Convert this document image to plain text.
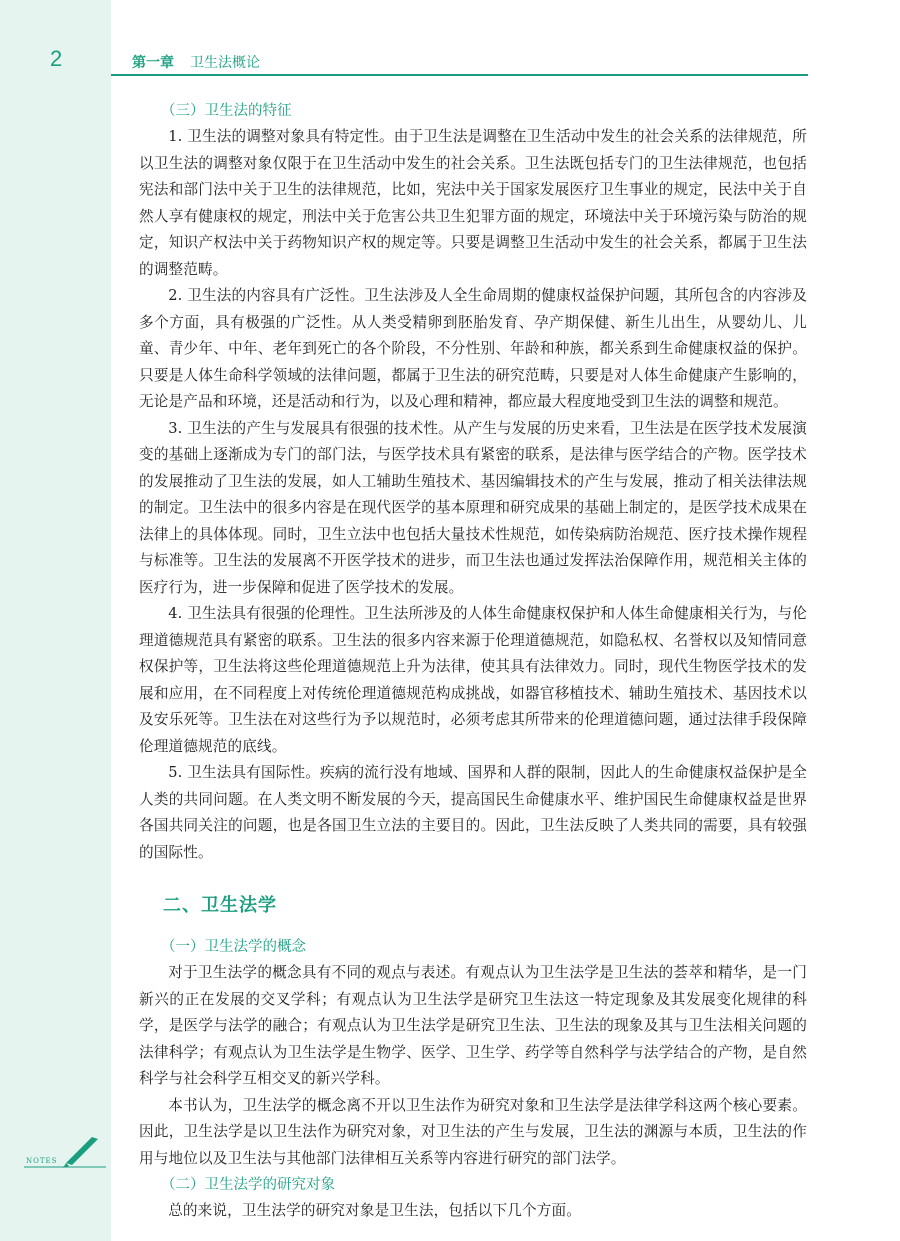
2	第一章 卫生法概论
（三）卫生法的特征

1. 卫生法的调整对象具有特定性。由于卫生法是调整在卫生活动中发生的社会关系的法律规范，所以卫生法的调整对象仅限于在卫生活动中发生的社会关系。卫生法既包括专门的卫生法律规范，也包括宪法和部门法中关于卫生的法律规范，比如，宪法中关于国家发展医疗卫生事业的规定，民法中关于自然人享有健康权的规定，刑法中关于危害公共卫生犯罪方面的规定，环境法中关于环境污染与防治的规定，知识产权法中关于药物知识产权的规定等。只要是调整卫生活动中发生的社会关系，都属于卫生法的调整范畴。

2. 卫生法的内容具有广泛性。卫生法涉及人全生命周期的健康权益保护问题，其所包含的内容涉及多个方面，具有极强的广泛性。从人类受精卵到胚胎发育、孕产期保健、新生儿出生，从婴幼儿、儿童、青少年、中年、老年到死亡的各个阶段，不分性别、年龄和种族，都关系到生命健康权益的保护。只要是人体生命科学领域的法律问题，都属于卫生法的研究范畴，只要是对人体生命健康产生影响的，无论是产品和环境，还是活动和行为，以及心理和精神，都应最大程度地受到卫生法的调整和规范。

3. 卫生法的产生与发展具有很强的技术性。从产生与发展的历史来看，卫生法是在医学技术发展演变的基础上逐渐成为专门的部门法，与医学技术具有紧密的联系，是法律与医学结合的产物。医学技术的发展推动了卫生法的发展，如人工辅助生殖技术、基因编辑技术的产生与发展，推动了相关法律法规的制定。卫生法中的很多内容是在现代医学的基本原理和研究成果的基础上制定的，是医学技术成果在法律上的具体体现。同时，卫生立法中也包括大量技术性规范，如传染病防治规范、医疗技术操作规程与标准等。卫生法的发展离不开医学技术的进步，而卫生法也通过发挥法治保障作用，规范相关主体的医疗行为，进一步保障和促进了医学技术的发展。

4. 卫生法具有很强的伦理性。卫生法所涉及的人体生命健康权保护和人体生命健康相关行为，与伦理道德规范具有紧密的联系。卫生法的很多内容来源于伦理道德规范，如隐私权、名誉权以及知情同意权保护等，卫生法将这些伦理道德规范上升为法律，使其具有法律效力。同时，现代生物医学技术的发展和应用，在不同程度上对传统伦理道德规范构成挑战，如器官移植技术、辅助生殖技术、基因技术以及安乐死等。卫生法在对这些行为予以规范时，必须考虑其所带来的伦理道德问题，通过法律手段保障伦理道德规范的底线。

5. 卫生法具有国际性。疾病的流行没有地域、国界和人群的限制，因此人的生命健康权益保护是全人类的共同问题。在人类文明不断发展的今天，提高国民生命健康水平、维护国民生命健康权益是世界各国共同关注的问题，也是各国卫生立法的主要目的。因此，卫生法反映了人类共同的需要，具有较强的国际性。

二、卫生法学
（一）卫生法学的概念

对于卫生法学的概念具有不同的观点与表述。有观点认为卫生法学是卫生法的荟萃和精华，是一门新兴的正在发展的交叉学科；有观点认为卫生法学是研究卫生法这一特定现象及其发展变化规律的科学，是医学与法学的融合；有观点认为卫生法学是研究卫生法、卫生法的现象及其与卫生法相关问题的法律科学；有观点认为卫生法学是生物学、医学、卫生学、药学等自然科学与法学结合的产物，是自然科学与社会科学互相交叉的新兴学科。

本书认为，卫生法学的概念离不开以卫生法作为研究对象和卫生法学是法律学科这两个核心要素。因此，卫生法学是以卫生法作为研究对象，对卫生法的产生与发展，卫生法的渊源与本质，卫生法的作用与地位以及卫生法与其他部门法律相互关系等内容进行研究的部门法学。

（二）卫生法学的研究对象

总的来说，卫生法学的研究对象是卫生法，包括以下几个方面。

NOTES
